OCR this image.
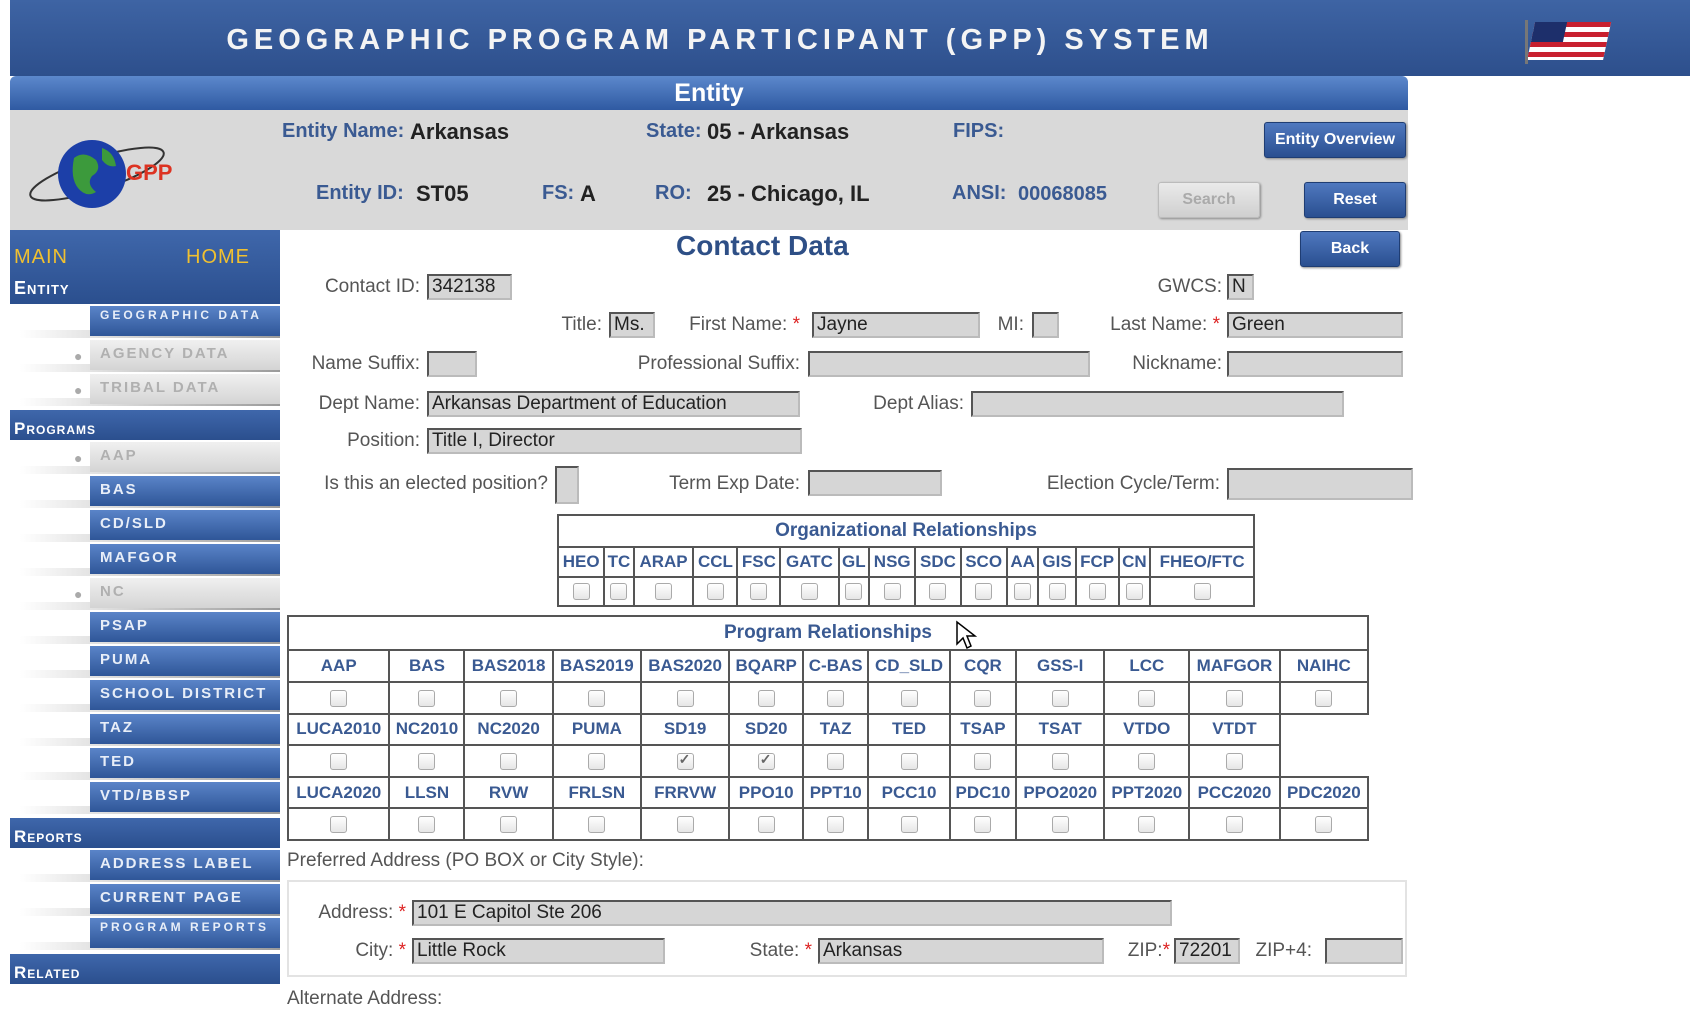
GEOGRAPHIC PROGRAM PARTICIPANT (GPP) SYSTEM
Entity
GPP
Entity Name: Arkansas	State: 05 - Arkansas	FIPS:
Entity ID: ST05	FS: A	RO: 25 - Chicago, IL	ANSI: 00068085
Entity Overview
Search	Reset
MAIN	HOME
Entity
● GEOGRAPHIC DATA
● AGENCY DATA
● TRIBAL DATA
Programs
● AAP
● BAS
● CD/SLD
● MAFGOR
● NC
● PSAP
● PUMA
● SCHOOL DISTRICT
● TAZ
● TED
● VTD/BBSP
Reports
● ADDRESS LABEL
● CURRENT PAGE
● PROGRAM REPORTS
Related
Contact Data	Back
Contact ID: 342138	GWCS: N
Title: Ms.	First Name: * Jayne	MI:	Last Name: * Green
Name Suffix:	Professional Suffix:	Nickname:
Dept Name: Arkansas Department of Education	Dept Alias:
Position: Title I, Director
Is this an elected position?	Term Exp Date:	Election Cycle/Term:
Organizational Relationships														
HEO	TC	ARAP	CCL	FSC	GATC	GL	NSG	SDC	SCO	AA	GIS	FCP	CN	FHEO/FTC

Program Relationships												
AAP	BAS	BAS2018	BAS2019	BAS2020	BQARP	C-BAS	CD_SLD	CQR	GSS-I	LCC	MAFGOR	NAIHC

LUCA2010	NC2010	NC2020	PUMA	SD19	SD20	TAZ	TED	TSAP	TSAT	VTDO	VTDT	
				✓	✓						
LUCA2020	LLSN	RVW	FRLSN	FRRVW	PPO10	PPT10	PCC10	PDC10	PPO2020	PPT2020	PCC2020	PDC2020

Preferred Address (PO BOX or City Style):
Address: * 101 E Capitol Ste 206
City: * Little Rock	State: * Arkansas	ZIP:* 72201	ZIP+4:
Alternate Address:
